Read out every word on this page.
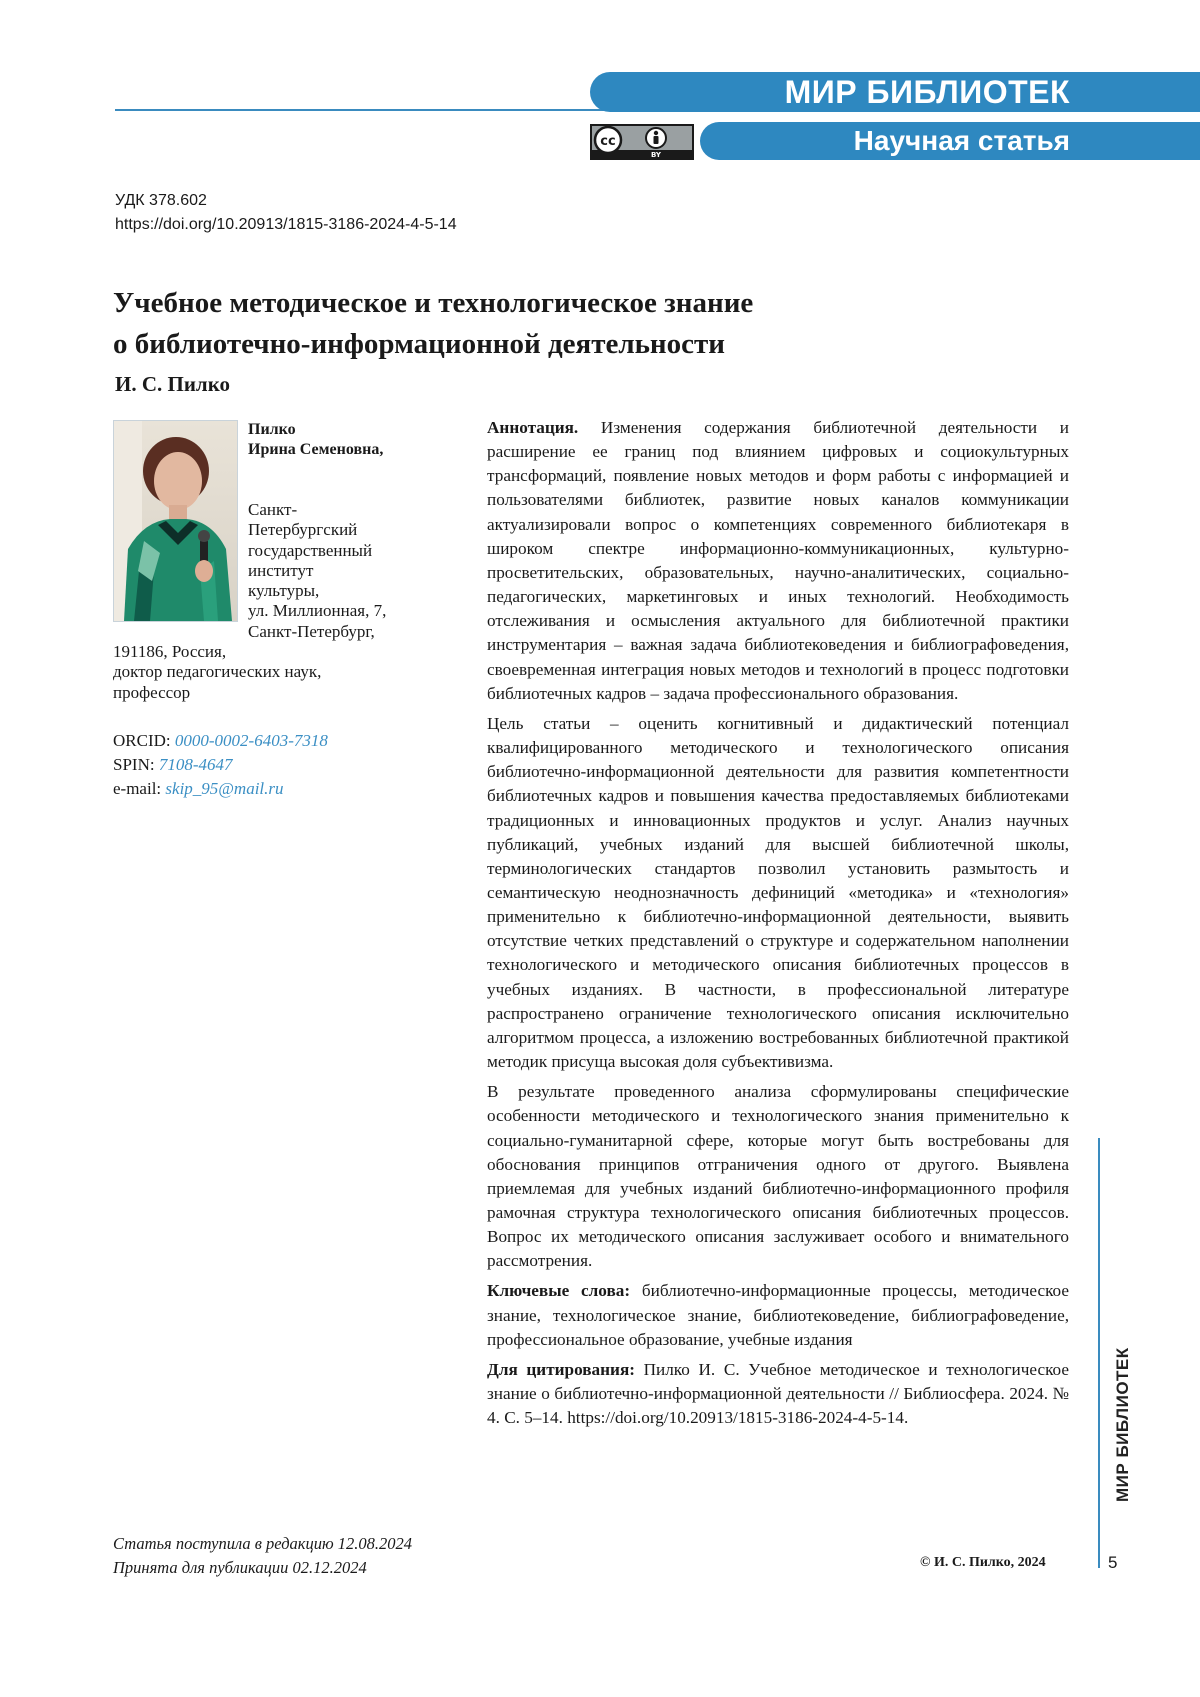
МИР БИБЛИОТЕК
Научная статья
cc
BY
УДК 378.602
https://doi.org/10.20913/1815-3186-2024-4-5-14
Учебное методическое и технологическое знание
о библиотечно-информационной деятельности
И. С. Пилко
Пилко
Ирина Семеновна,
Санкт-
Петербургский
государственный
институт
культуры,
ул. Миллионная, 7,
Санкт-Петербург,
191186, Россия,
доктор педагогических наук,
профессор
ORCID: 0000-0002-6403-7318
SPIN: 7108-4647
e-mail: skip_95@mail.ru

Аннотация. Изменения содержания библиотечной деятельности и расширение ее границ под влиянием цифровых и социокультурных трансформаций, появление новых методов и форм работы с информацией и пользователями библиотек, развитие новых каналов коммуникации актуализировали вопрос о компетенциях современного библиотекаря в широком спектре информационно-коммуникационных, культурно-просветительских, образовательных, научно-аналитических, социально-педагогических, маркетинговых и иных технологий. Необходимость отслеживания и осмысления актуального для библиотечной практики инструментария – важная задача библиотековедения и библиографоведения, своевременная интеграция новых методов и технологий в процесс подготовки библиотечных кадров – задача профессионального образования.

Цель статьи – оценить когнитивный и дидактический потенциал квалифицированного методического и технологического описания библиотечно-информационной деятельности для развития компетентности библиотечных кадров и повышения качества предоставляемых библиотеками традиционных и инновационных продуктов и услуг. Анализ научных публикаций, учебных изданий для высшей библиотечной школы, терминологических стандартов позволил установить размытость и семантическую неоднозначность дефиниций «методика» и «технология» применительно к библиотечно-информационной деятельности, выявить отсутствие четких представлений о структуре и содержательном наполнении технологического и методического описания библиотечных процессов в учебных изданиях. В частности, в профессиональной литературе распространено ограничение технологического описания исключительно алгоритмом процесса, а изложению востребованных библиотечной практикой методик присуща высокая доля субъективизма.

В результате проведенного анализа сформулированы специфические особенности методического и технологического знания применительно к социально-гуманитарной сфере, которые могут быть востребованы для обоснования принципов отграничения одного от другого. Выявлена приемлемая для учебных изданий библиотечно-информационного профиля рамочная структура технологического описания библиотечных процессов. Вопрос их методического описания заслуживает особого и внимательного рассмотрения.

Ключевые слова: библиотечно-информационные процессы, методическое знание, технологическое знание, библиотековедение, библиографоведение, профессиональное образование, учебные издания

Для цитирования: Пилко И. С. Учебное методическое и технологическое знание о библиотечно-информационной деятельности // Библиосфера. 2024. № 4. С. 5–14. https://doi.org/10.20913/1815-3186-2024-4-5-14.	МИР БИБЛИОТЕК
5
Статья поступила в редакцию 12.08.2024
Принята для публикации 02.12.2024	© И. С. Пилко, 2024
